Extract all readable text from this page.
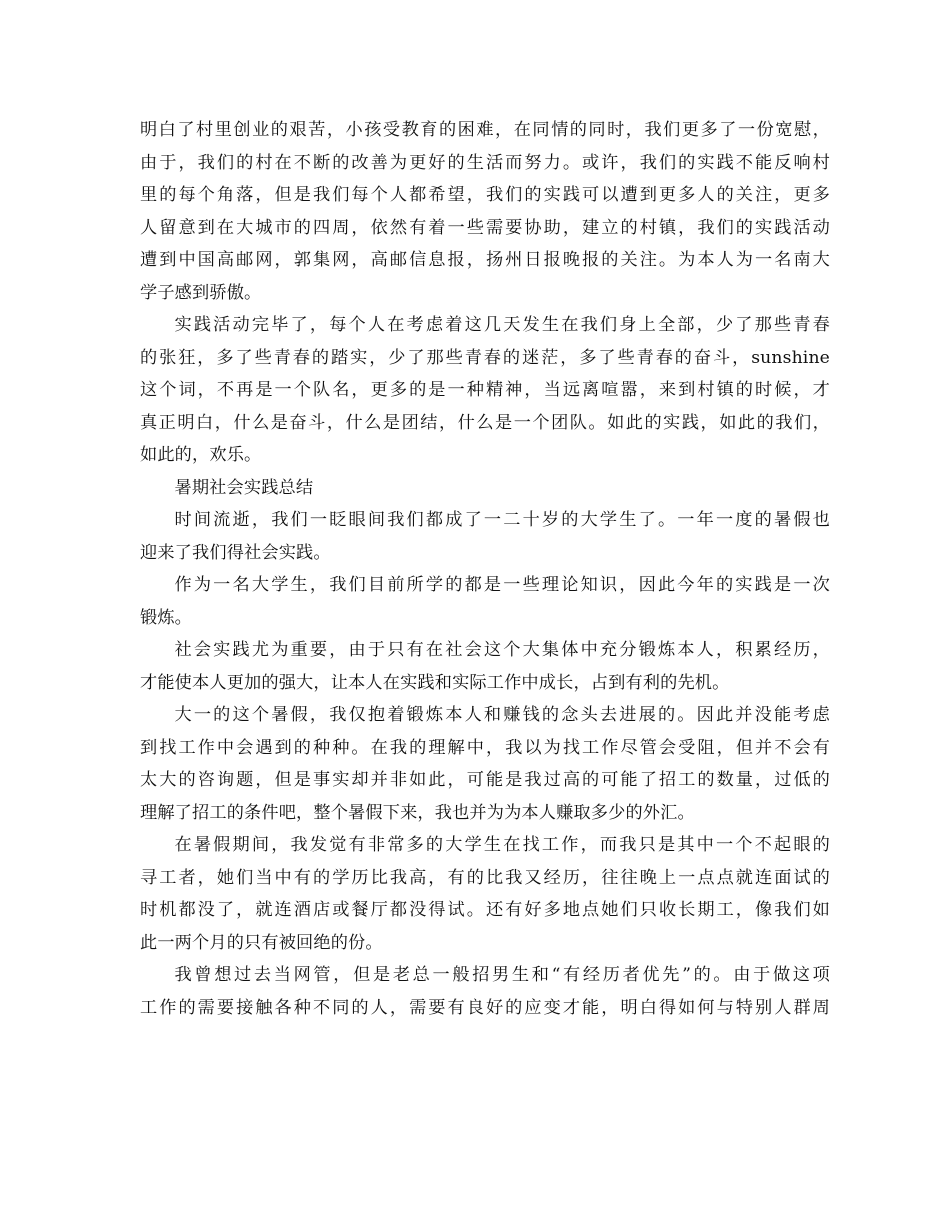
明白了村里创业的艰苦，小孩受教育的困难，在同情的同时，我们更多了一份宽慰，

由于，我们的村在不断的改善为更好的生活而努力。或许，我们的实践不能反响村

里的每个角落，但是我们每个人都希望，我们的实践可以遭到更多人的关注，更多

人留意到在大城市的四周，依然有着一些需要协助，建立的村镇，我们的实践活动

遭到中国高邮网，郭集网，高邮信息报，扬州日报晚报的关注。为本人为一名南大

学子感到骄傲。

实践活动完毕了，每个人在考虑着这几天发生在我们身上全部，少了那些青春

的张狂，多了些青春的踏实，少了那些青春的迷茫，多了些青春的奋斗，sunshine

这个词，不再是一个队名，更多的是一种精神，当远离喧嚣，来到村镇的时候，才

真正明白，什么是奋斗，什么是团结，什么是一个团队。如此的实践，如此的我们，

如此的，欢乐。

暑期社会实践总结

时间流逝，我们一眨眼间我们都成了一二十岁的大学生了。一年一度的暑假也

迎来了我们得社会实践。

作为一名大学生，我们目前所学的都是一些理论知识，因此今年的实践是一次

锻炼。

社会实践尤为重要，由于只有在社会这个大集体中充分锻炼本人，积累经历，

才能使本人更加的强大，让本人在实践和实际工作中成长，占到有利的先机。

大一的这个暑假，我仅抱着锻炼本人和赚钱的念头去进展的。因此并没能考虑

到找工作中会遇到的种种。在我的理解中，我以为找工作尽管会受阻，但并不会有

太大的咨询题，但是事实却并非如此，可能是我过高的可能了招工的数量，过低的

理解了招工的条件吧，整个暑假下来，我也并为为本人赚取多少的外汇。

在暑假期间，我发觉有非常多的大学生在找工作，而我只是其中一个不起眼的

寻工者，她们当中有的学历比我高，有的比我又经历，往往晚上一点点就连面试的

时机都没了，就连酒店或餐厅都没得试。还有好多地点她们只收长期工，像我们如

此一两个月的只有被回绝的份。

我曾想过去当网管，但是老总一般招男生和“有经历者优先”的。由于做这项

工作的需要接触各种不同的人，需要有良好的应变才能，明白得如何与特别人群周
